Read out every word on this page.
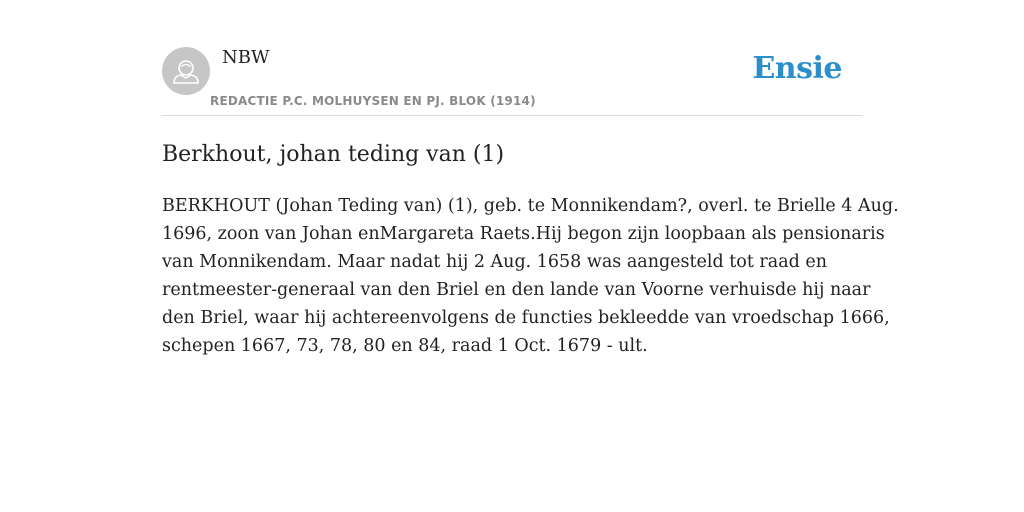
NBW
REDACTIE P.C. MOLHUYSEN EN PJ. BLOK (1914)
Ensie
Berkhout, johan teding van (1)

BERKHOUT (Johan Teding van) (1), geb. te Monnikendam?, overl. te Brielle 4 Aug.
1696, zoon van Johan enMargareta Raets.Hij begon zijn loopbaan als pensionaris
van Monnikendam. Maar nadat hij 2 Aug. 1658 was aangesteld tot raad en
rentmeester-generaal van den Briel en den lande van Voorne verhuisde hij naar
den Briel, waar hij achtereenvolgens de functies bekleedde van vroedschap 1666,
schepen 1667, 73, 78, 80 en 84, raad 1 Oct. 1679 - ult.
